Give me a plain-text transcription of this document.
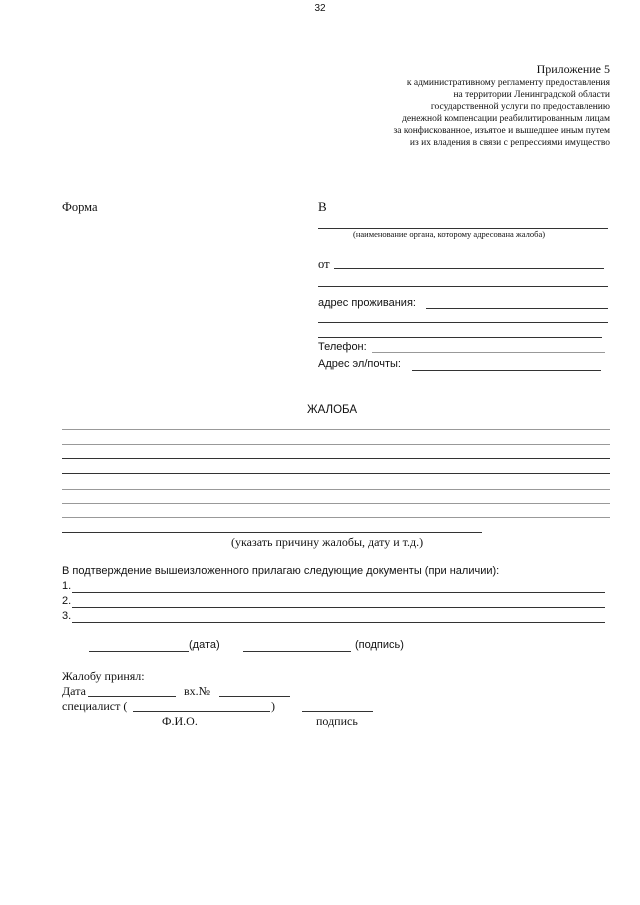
32
Приложение 5
к административному регламенту предоставления
на территории Ленинградской области
государственной услуги по предоставлению
денежной компенсации реабилитированным лицам
за конфискованное, изъятое и вышедшее иным путем
из их владения в связи с репрессиями имущество
Форма	В
(наименование органа, которому адресована жалоба)
от
адрес проживания:
Телефон:
Адрес эл/почты:
ЖАЛОБА
(указать причину жалобы, дату и т.д.)
В подтверждение вышеизложенного прилагаю следующие документы (при наличии):
1.
2.
3.
(дата)	(подпись)
Жалобу принял:
Дата	вх.№
специалист (	)
Ф.И.О.	подпись
